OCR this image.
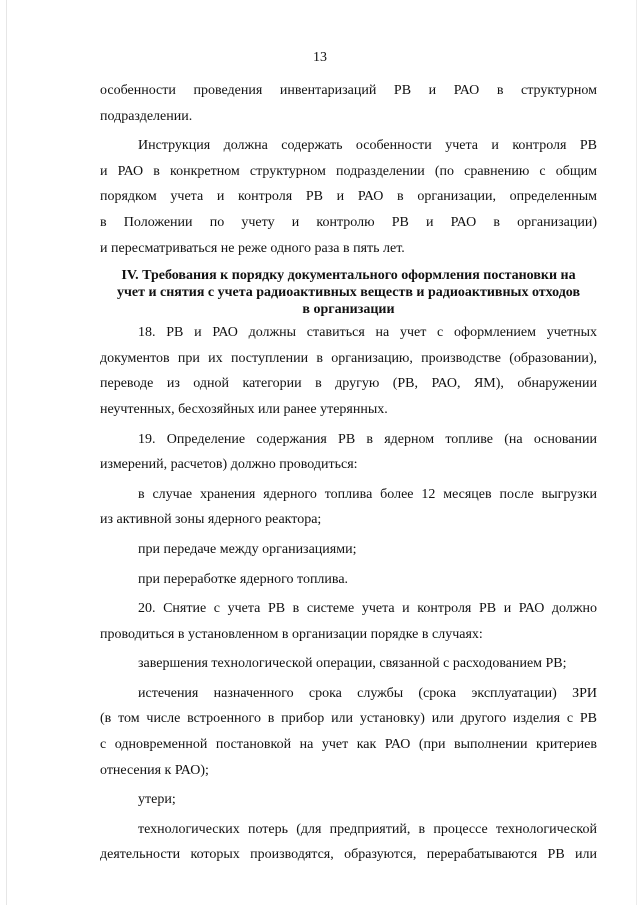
13

особенности проведения инвентаризаций РВ и РАО в структурном

подразделении.

Инструкция должна содержать особенности учета и контроля РВ

и РАО в конкретном структурном подразделении (по сравнению с общим

порядком учета и контроля РВ и РАО в организации, определенным

в Положении по учету и контролю РВ и РАО в организации)

и пересматриваться не реже одного раза в пять лет.

IV. Требования к порядку документального оформления постановки на
учет и снятия с учета радиоактивных веществ и радиоактивных отходов
в организации

18. РВ и РАО должны ставиться на учет с оформлением учетных

документов при их поступлении в организацию, производстве (образовании),

переводе из одной категории в другую (РВ, РАО, ЯМ), обнаружении

неучтенных, бесхозяйных или ранее утерянных.

19. Определение содержания РВ в ядерном топливе (на основании

измерений, расчетов) должно проводиться:

в случае хранения ядерного топлива более 12 месяцев после выгрузки

из активной зоны ядерного реактора;

при передаче между организациями;

при переработке ядерного топлива.

20. Снятие с учета РВ в системе учета и контроля РВ и РАО должно

проводиться в установленном в организации порядке в случаях:

завершения технологической операции, связанной с расходованием РВ;

истечения назначенного срока службы (срока эксплуатации) ЗРИ

(в том числе встроенного в прибор или установку) или другого изделия с РВ

с одновременной постановкой на учет как РАО (при выполнении критериев

отнесения к РАО);

утери;

технологических потерь (для предприятий, в процессе технологической

деятельности которых производятся, образуются, перерабатываются РВ или
